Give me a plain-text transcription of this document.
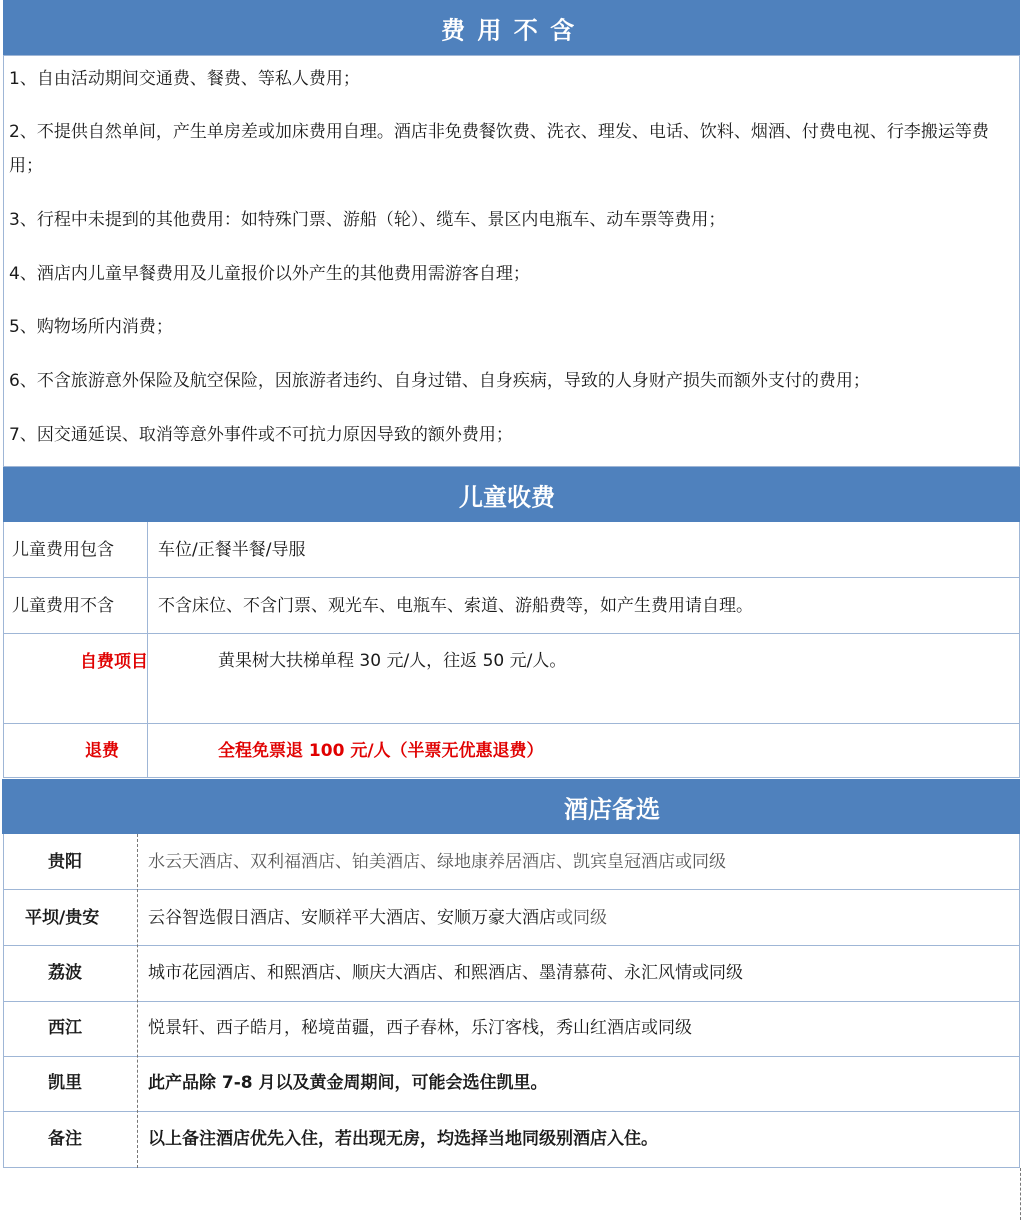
费 用 不 含
1、自由活动期间交通费、餐费、等私人费用；
2、不提供自然单间，产生单房差或加床费用自理。酒店非免费餐饮费、洗衣、理发、电话、饮料、烟酒、付费电视、行李搬运等费用；
3、行程中未提到的其他费用：如特殊门票、游船（轮）、缆车、景区内电瓶车、动车票等费用；
4、酒店内儿童早餐费用及儿童报价以外产生的其他费用需游客自理；
5、购物场所内消费；
6、不含旅游意外保险及航空保险，因旅游者违约、自身过错、自身疾病，导致的人身财产损失而额外支付的费用；
7、因交通延误、取消等意外事件或不可抗力原因导致的额外费用；
儿童收费
儿童费用包含	车位/正餐半餐/导服
儿童费用不含	不含床位、不含门票、观光车、电瓶车、索道、游船费等，如产生费用请自理。
自费项目	黄果树大扶梯单程 30 元/人，往返 50 元/人。
退费	全程免票退 100 元/人（半票无优惠退费）
酒店备选
贵阳	水云天酒店、双利福酒店、铂美酒店、绿地康养居酒店、凯宾皇冠酒店或同级
平坝/贵安	云谷智选假日酒店、安顺祥平大酒店、安顺万豪大酒店或同级
荔波	城市花园酒店、和熙酒店、顺庆大酒店、和熙酒店、墨清慕荷、永汇风情或同级
西江	悦景轩、西子皓月，秘境苗疆，西子春林，乐汀客栈，秀山红酒店或同级
凯里	此产品除 7-8 月以及黄金周期间，可能会选住凯里。
备注	以上备注酒店优先入住，若出现无房，均选择当地同级别酒店入住。
